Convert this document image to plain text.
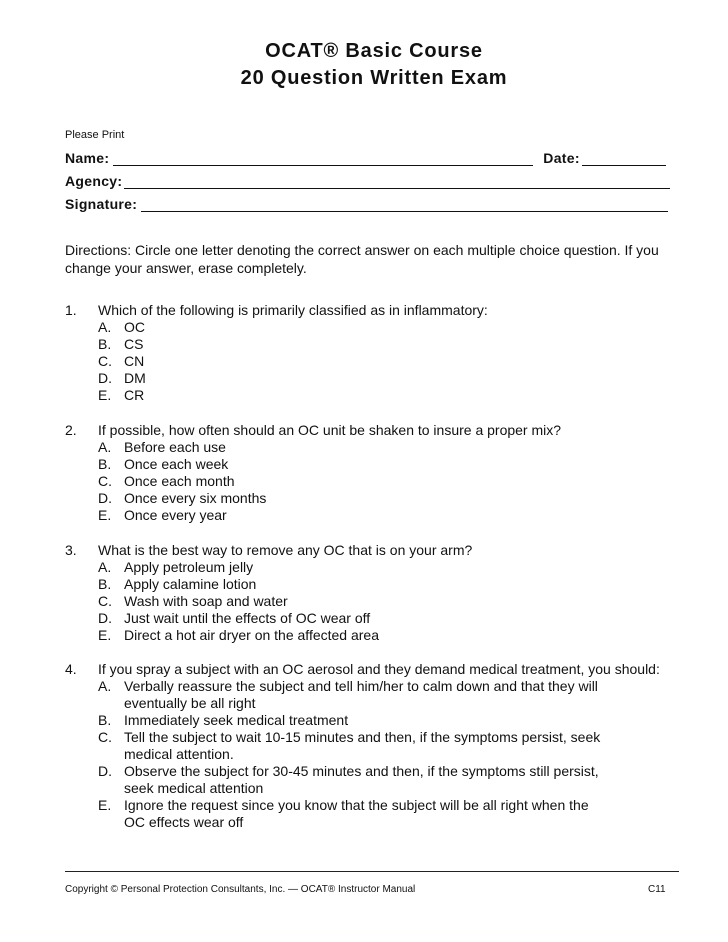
OCAT® Basic Course
20 Question Written Exam
Please Print
Name:	Date:
Agency:
Signature:
Directions: Circle one letter denoting the correct answer on each multiple choice question. If you change your answer, erase completely.
1. Which of the following is primarily classified as in inflammatory:
A. OC
B. CS
C. CN
D. DM
E. CR
2. If possible, how often should an OC unit be shaken to insure a proper mix?
A. Before each use
B. Once each week
C. Once each month
D. Once every six months
E. Once every year
3. What is the best way to remove any OC that is on your arm?
A. Apply petroleum jelly
B. Apply calamine lotion
C. Wash with soap and water
D. Just wait until the effects of OC wear off
E. Direct a hot air dryer on the affected area
4. If you spray a subject with an OC aerosol and they demand medical treatment, you should:
A. Verbally reassure the subject and tell him/her to calm down and that they will eventually be all right
B. Immediately seek medical treatment
C. Tell the subject to wait 10-15 minutes and then, if the symptoms persist, seek medical attention.
D. Observe the subject for 30-45 minutes and then, if the symptoms still persist, seek medical attention
E. Ignore the request since you know that the subject will be all right when the OC effects wear off
Copyright © Personal Protection Consultants, Inc. — OCAT® Instructor Manual	C11
